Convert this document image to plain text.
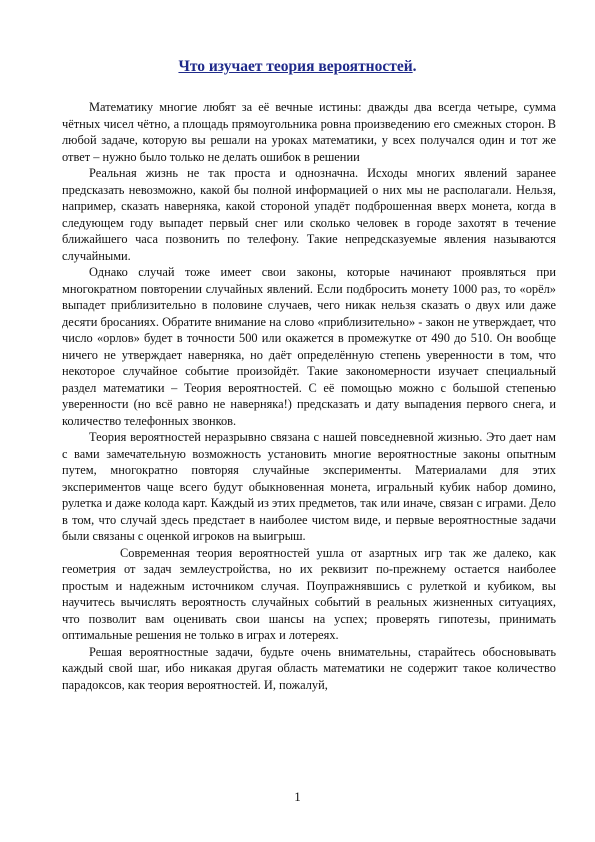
Что изучает теория вероятностей.

Математику многие любят за её вечные истины: дважды два всегда четыре, сумма чётных чисел чётно, а площадь прямоугольника ровна произведению его смежных сторон. В любой задаче, которую вы решали на уроках математики, у всех получался один и тот же ответ – нужно было только не делать ошибок в решении

Реальная жизнь не так проста и однозначна. Исходы многих явлений заранее предсказать невозможно, какой бы полной информацией о них мы не располагали. Нельзя, например, сказать наверняка, какой стороной упадёт подброшенная вверх монета, когда в следующем году выпадет первый снег или сколько человек в городе захотят в течение ближайшего часа позвонить по телефону. Такие непредсказуемые явления называются случайными.

Однако случай тоже имеет свои законы, которые начинают проявляться при многократном повторении случайных явлений. Если подбросить монету 1000 раз, то «орёл» выпадет приблизительно в половине случаев, чего никак нельзя сказать о двух или даже десяти бросаниях. Обратите внимание на слово «приблизительно» - закон не утверждает, что число «орлов» будет в точности 500 или окажется в промежутке от 490 до 510. Он вообще ничего не утверждает наверняка, но даёт определённую степень уверенности в том, что некоторое случайное событие произойдёт. Такие закономерности изучает специальный раздел математики – Теория вероятностей. С её помощью можно с большой степенью уверенности (но всё равно не наверняка!) предсказать и дату выпадения первого снега, и количество телефонных звонков.

Теория вероятностей неразрывно связана с нашей повседневной жизнью. Это дает нам с вами замечательную возможность установить многие вероятностные законы опытным путем, многократно повторяя случайные эксперименты. Материалами для этих экспериментов чаще всего будут обыкновенная монета, игральный кубик набор домино, рулетка и даже колода карт. Каждый из этих предметов, так или иначе, связан с играми. Дело в том, что случай здесь предстает в наиболее чистом виде, и первые вероятностные задачи были связаны с оценкой игроков на выигрыш.

Современная теория вероятностей ушла от азартных игр так же далеко, как геометрия от задач землеустройства, но их реквизит по-прежнему остается наиболее простым и надежным источником случая. Поупражнявшись с рулеткой и кубиком, вы научитесь вычислять вероятность случайных событий в реальных жизненных ситуациях, что позволит вам оценивать свои шансы на успех; проверять гипотезы, принимать оптимальные решения не только в играх и лотереях.

Решая вероятностные задачи, будьте очень внимательны, старайтесь обосновывать каждый свой шаг, ибо никакая другая область математики не содержит такое количество парадоксов, как теория вероятностей. И, пожалуй,

1
